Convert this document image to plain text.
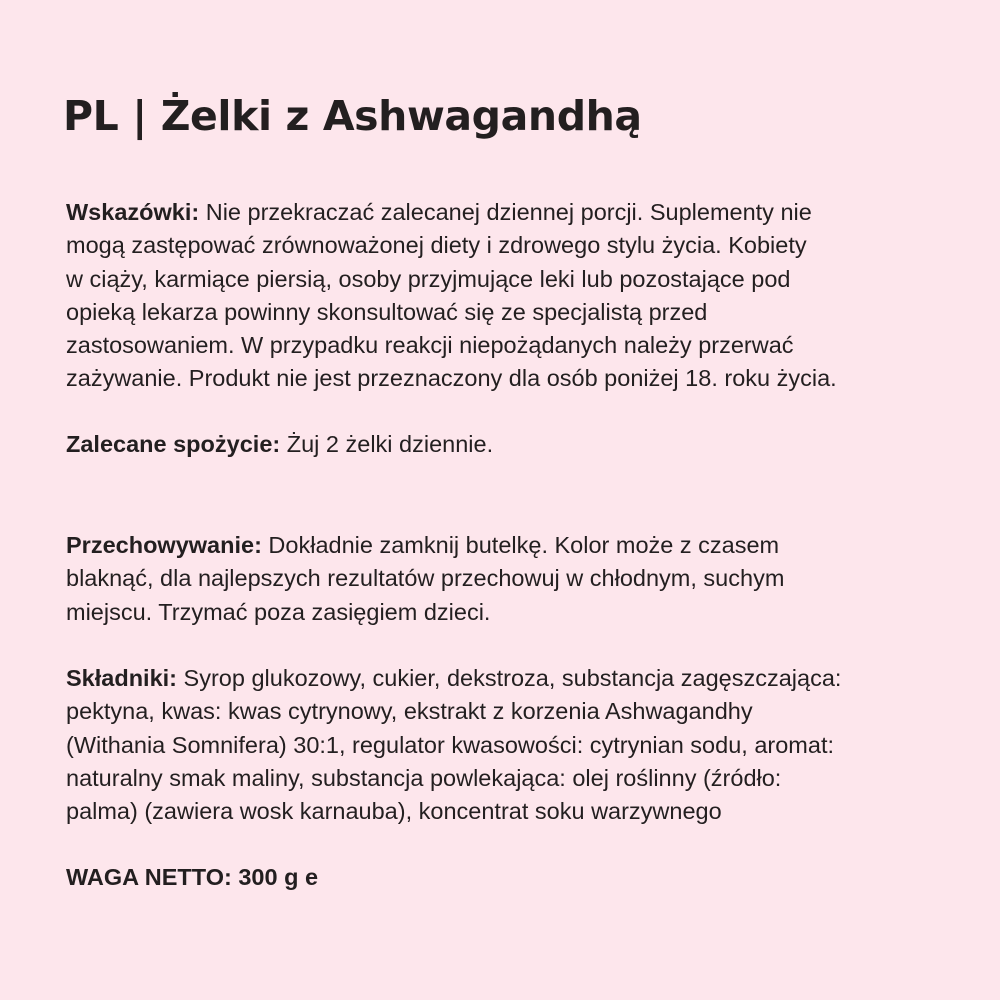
PL | Żelki z Ashwagandhą

Wskazówki: Nie przekraczać zalecanej dziennej porcji. Suplementy nie
mogą zastępować zrównoważonej diety i zdrowego stylu życia. Kobiety
w ciąży, karmiące piersią, osoby przyjmujące leki lub pozostające pod
opieką lekarza powinny skonsultować się ze specjalistą przed
zastosowaniem. W przypadku reakcji niepożądanych należy przerwać
zażywanie. Produkt nie jest przeznaczony dla osób poniżej 18. roku życia.

Zalecane spożycie: Żuj 2 żelki dziennie.

Przechowywanie: Dokładnie zamknij butelkę. Kolor może z czasem
blaknąć, dla najlepszych rezultatów przechowuj w chłodnym, suchym
miejscu. Trzymać poza zasięgiem dzieci.

Składniki: Syrop glukozowy, cukier, dekstroza, substancja zagęszczająca:
pektyna, kwas: kwas cytrynowy, ekstrakt z korzenia Ashwagandhy
(Withania Somnifera) 30:1, regulator kwasowości: cytrynian sodu, aromat:
naturalny smak maliny, substancja powlekająca: olej roślinny (źródło:
palma) (zawiera wosk karnauba), koncentrat soku warzywnego

WAGA NETTO: 300 g e
